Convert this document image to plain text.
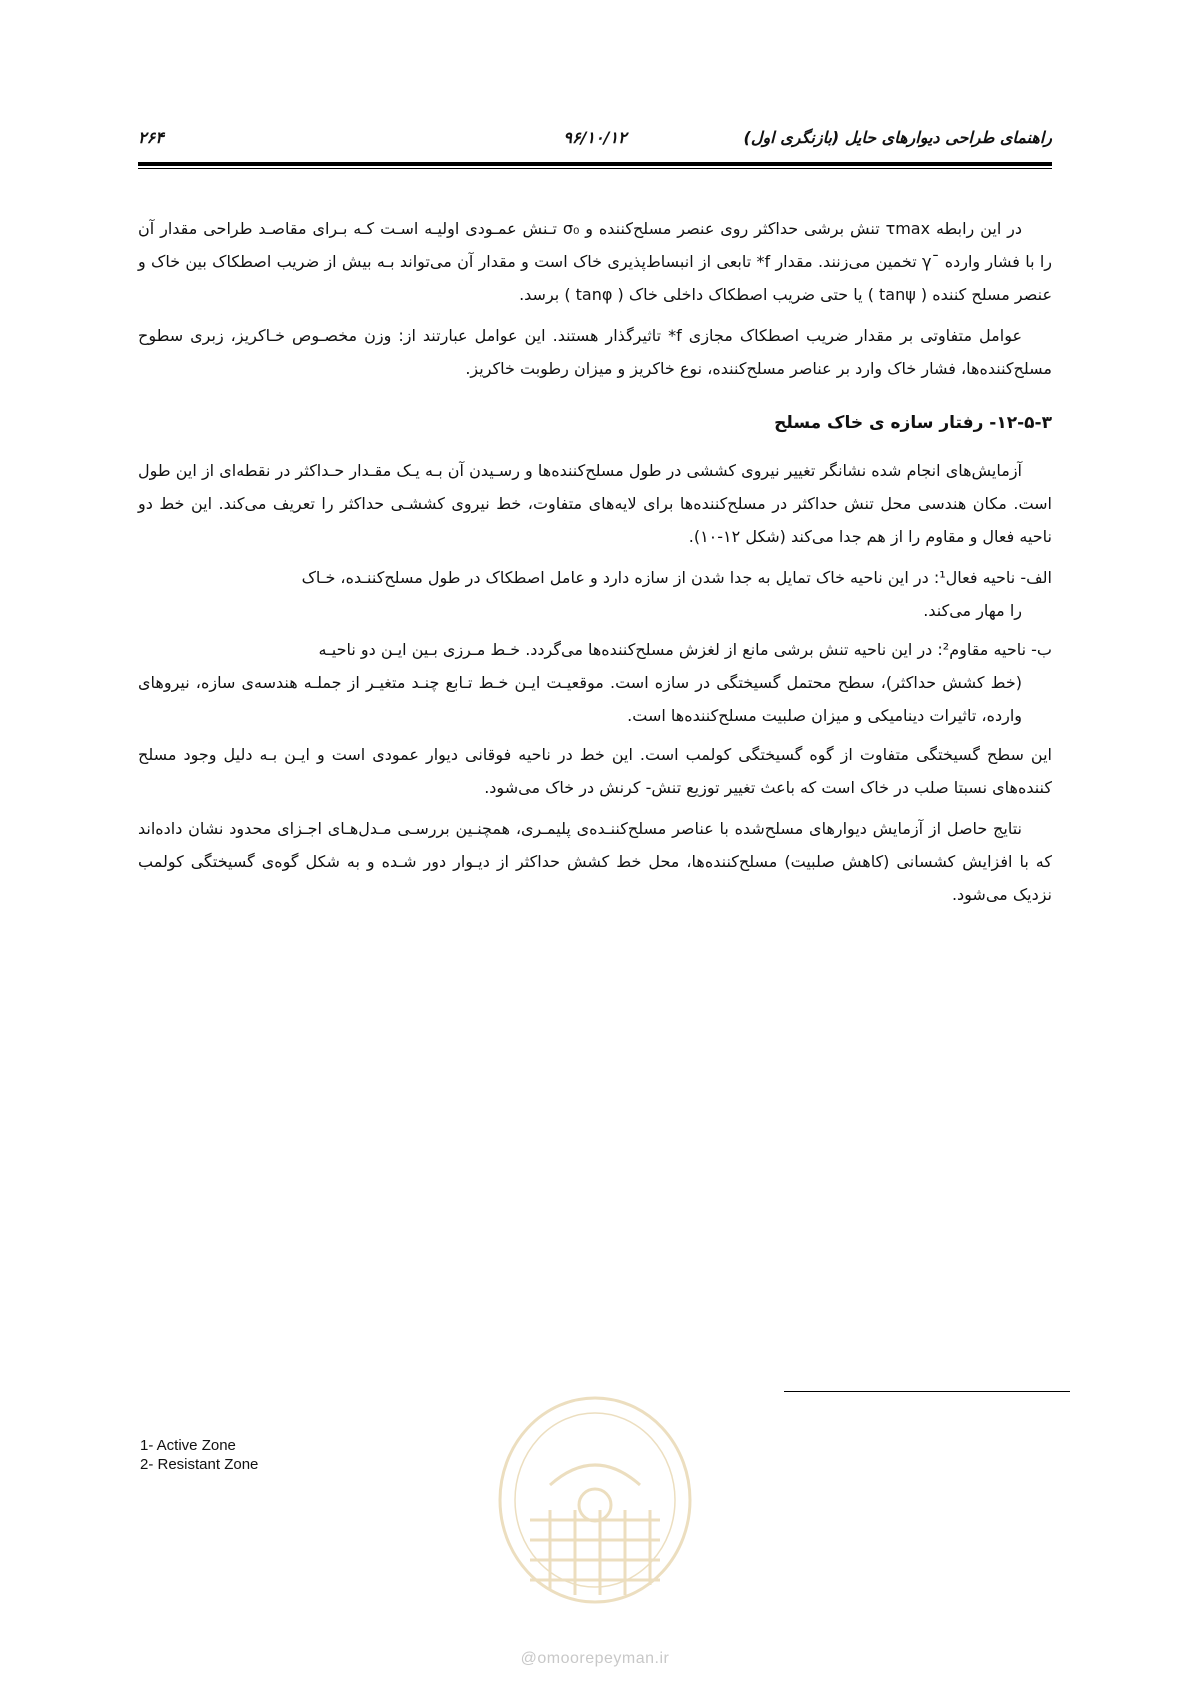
راهنمای طراحی دیوارهای حایل (بازنگری اول)
۹۶/۱۰/۱۲
۲۶۴

در این رابطه τmax تنش برشی حداکثر روی عنصر مسلح‌کننده و σ₀ تـنش عمـودی اولیـه اسـت کـه بـرای مقاصـد طراحی مقدار آن را با فشار وارده ¯γ تخمین می‌زنند. مقدار f* تابعی از انبساط‌پذیری خاک است و مقدار آن می‌تواند بـه بیش از ضریب اصطکاک بین خاک و عنصر مسلح کننده ( tanψ ) یا حتی ضریب اصطکاک داخلی خاک ( tanφ ) برسد.

عوامل متفاوتی بر مقدار ضریب اصطکاک مجازی f* تاثیرگذار هستند. این عوامل عبارتند از: وزن مخصـوص خـاکریز، زبری سطوح مسلح‌کننده‌ها، فشار خاک وارد بر عناصر مسلح‌کننده، نوع خاکریز و میزان رطوبت خاکریز.

۱۲-۵-۳- رفتار سازه ی خاک مسلح

آزمایش‌های انجام شده نشانگر تغییر نیروی کششی در طول مسلح‌کننده‌ها و رسـیدن آن بـه یـک مقـدار حـداکثر در نقطه‌ای از این طول است. مکان هندسی محل تنش حداکثر در مسلح‌کننده‌ها برای لایه‌های متفاوت، خط نیروی کششـی حداکثر را تعریف می‌کند. این خط دو ناحیه فعال و مقاوم را از هم جدا می‌کند (شکل ۱۲-۱۰).

الف- ناحیه فعال¹: در این ناحیه خاک تمایل به جدا شدن از سازه دارد و عامل اصطکاک در طول مسلح‌کننـده، خـاک
را مهار می‌کند.
ب- ناحیه مقاوم²: در این ناحیه تنش برشی مانع از لغزش مسلح‌کننده‌ها می‌گردد. خـط مـرزی بـین ایـن دو ناحیـه
(خط کشش حداکثر)، سطح محتمل گسیختگی در سازه است. موقعیـت ایـن خـط تـابع چنـد متغیـر از جملـه هندسه‌ی سازه، نیروهای وارده، تاثیرات دینامیکی و میزان صلبیت مسلح‌کننده‌ها است.

این سطح گسیختگی متفاوت از گوه گسیختگی کولمب است. این خط در ناحیه فوقانی دیوار عمودی است و ایـن بـه دلیل وجود مسلح کننده‌های نسبتا صلب در خاک است که باعث تغییر توزیع تنش- کرنش در خاک می‌شود.

نتایج حاصل از آزمایش دیوارهای مسلح‌شده با عناصر مسلح‌کننـده‌ی پلیمـری، همچنـین بررسـی مـدل‌هـای اجـزای محدود نشان داده‌اند که با افزایش کشسانی (کاهش صلبیت) مسلح‌کننده‌ها، محل خط کشش حداکثر از دیـوار دور شـده و به شکل گوه‌ی گسیختگی کولمب نزدیک می‌شود.

1- Active Zone
2- Resistant Zone
@omoorepeyman.ir
